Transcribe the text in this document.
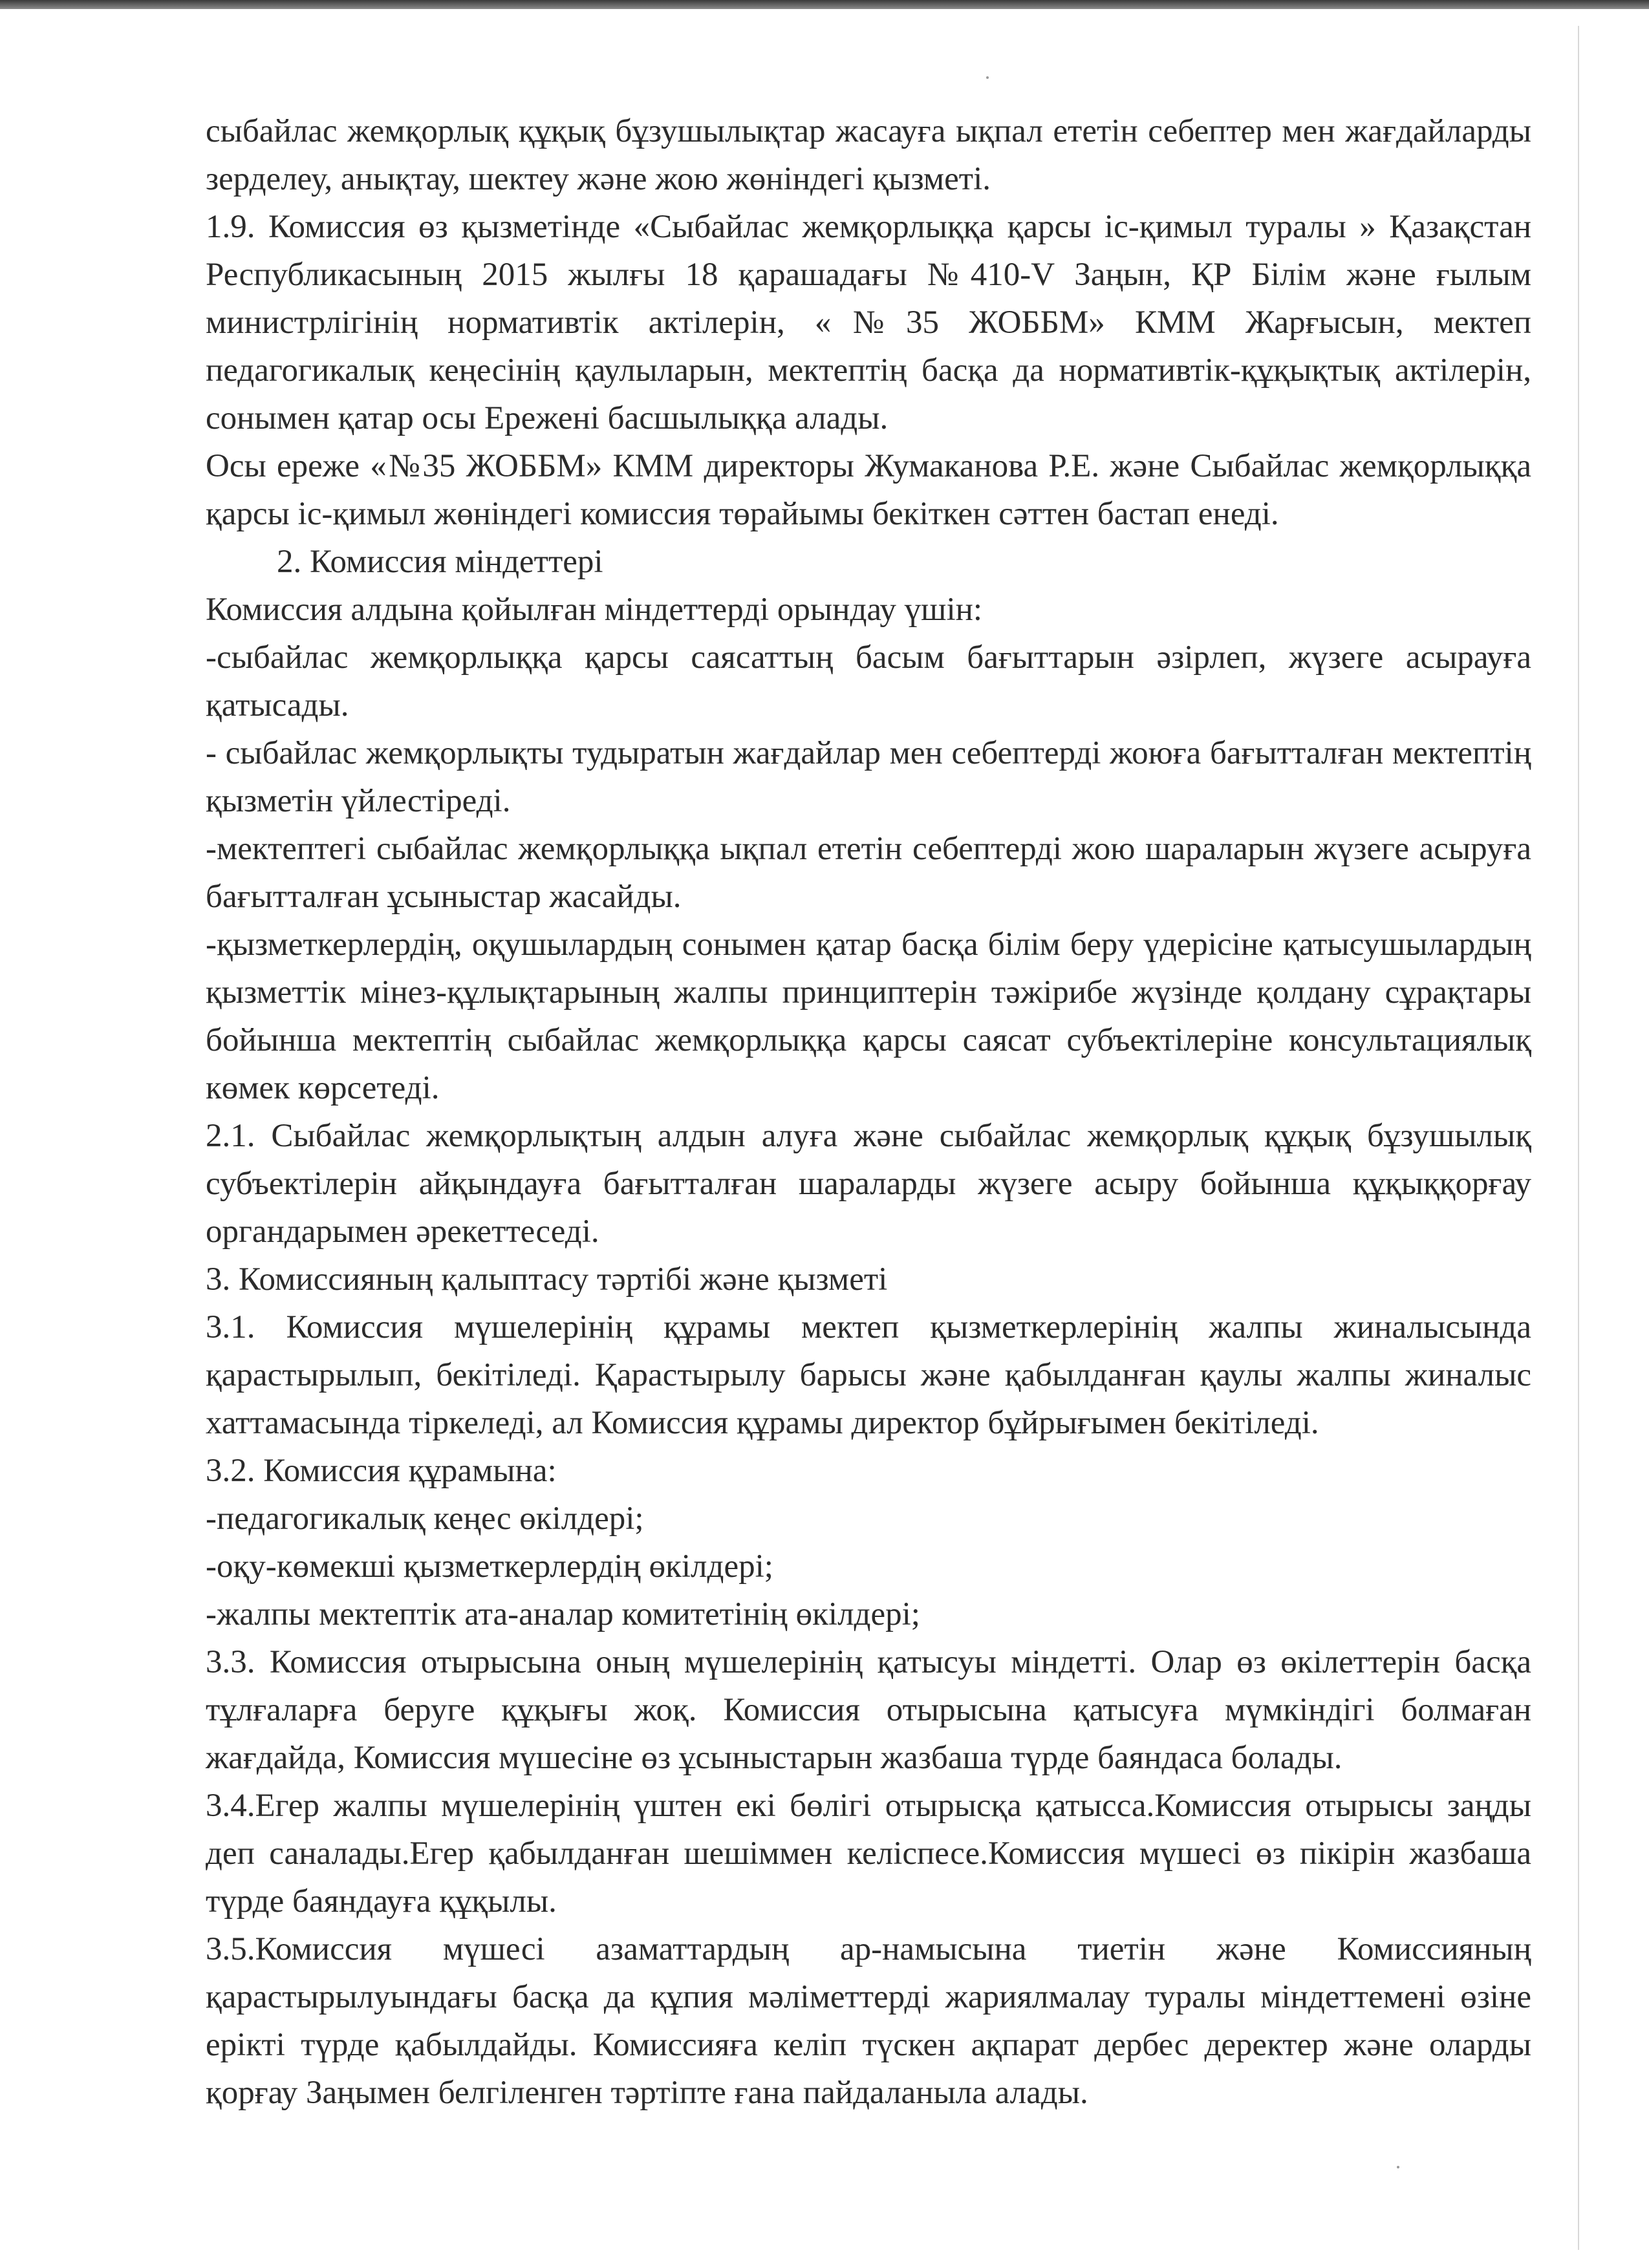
сыбайлас жемқорлық құқық бұзушылықтар жасауға ықпал ететін себептер мен жағдайларды зерделеу, анықтау, шектеу және жою жөніндегі қызметі.

1.9. Комиссия өз қызметінде «Сыбайлас жемқорлыққа қарсы іс-қимыл туралы » Қазақстан Республикасының 2015 жылғы 18 қарашадағы №410-V Заңын, ҚР Білім және ғылым министрлігінің нормативтік актілерін, «№35 ЖОББМ» КММ Жарғысын, мектеп педагогикалық кеңесінің қаулыларын, мектептің басқа да нормативтік-құқықтық актілерін, сонымен қатар осы Ережені басшылыққа алады.

Осы ереже «№35 ЖОББМ» КММ директоры Жумаканова Р.Е. және Сыбайлас жемқорлыққа қарсы іс-қимыл жөніндегі комиссия төрайымы бекіткен сәттен бастап енеді.

2. Комиссия міндеттері

Комиссия алдына қойылған міндеттерді орындау үшін:

-сыбайлас жемқорлыққа қарсы саясаттың басым бағыттарын әзірлеп, жүзеге асырауға қатысады.

- сыбайлас жемқорлықты тудыратын жағдайлар мен себептерді жоюға бағытталған мектептің қызметін үйлестіреді.

-мектептегі сыбайлас жемқорлыққа ықпал ететін себептерді жою шараларын жүзеге асыруға бағытталған ұсыныстар жасайды.

-қызметкерлердің, оқушылардың сонымен қатар басқа білім беру үдерісіне қатысушылардың қызметтік мінез-құлықтарының жалпы принциптерін тәжірибе жүзінде қолдану сұрақтары бойынша мектептің сыбайлас жемқорлыққа қарсы саясат субъектілеріне консультациялық көмек көрсетеді.

2.1. Сыбайлас жемқорлықтың алдын алуға және сыбайлас жемқорлық құқық бұзушылық субъектілерін айқындауға бағытталған шараларды жүзеге асыру бойынша құқыққорғау органдарымен әрекеттеседі.

3. Комиссияның қалыптасу тәртібі және қызметі

3.1. Комиссия мүшелерінің құрамы мектеп қызметкерлерінің жалпы жиналысында қарастырылып, бекітіледі. Қарастырылу барысы және қабылданған қаулы жалпы жиналыс хаттамасында тіркеледі, ал Комиссия құрамы директор бұйрығымен бекітіледі.

3.2. Комиссия құрамына:

-педагогикалық кеңес өкілдері;

-оқу-көмекші қызметкерлердің өкілдері;

-жалпы мектептік ата-аналар комитетінің өкілдері;

3.3. Комиссия отырысына оның мүшелерінің қатысуы міндетті. Олар өз өкілеттерін басқа тұлғаларға беруге құқығы жоқ. Комиссия отырысына қатысуға мүмкіндігі болмаған жағдайда, Комиссия мүшесіне өз ұсыныстарын жазбаша түрде баяндаса болады.

3.4.Егер жалпы мүшелерінің үштен екі бөлігі отырысқа қатысса.Комиссия отырысы заңды деп саналады.Егер қабылданған шешіммен келіспесе.Комиссия мүшесі өз пікірін жазбаша түрде баяндауға құқылы.

3.5.Комиссия мүшесі азаматтардың ар-намысына тиетін және Комиссияның қарастырылуындағы басқа да құпия мәліметтерді жариялмалау туралы міндеттемені өзіне ерікті түрде қабылдайды. Комиссияға келіп түскен ақпарат дербес деректер және оларды қорғау Заңымен белгіленген тәртіпте ғана пайдаланыла алады.
